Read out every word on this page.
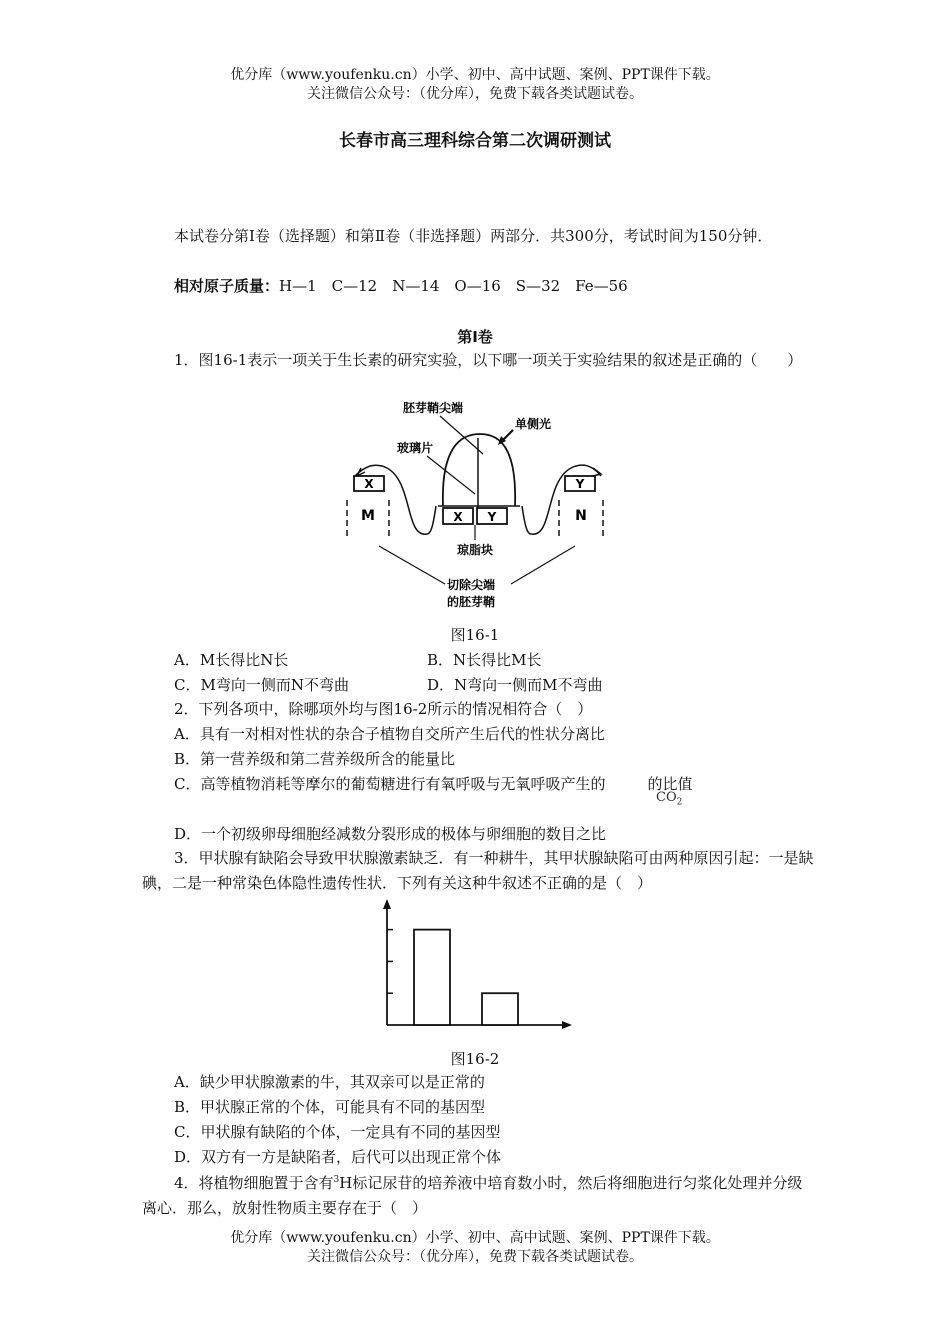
优分库（www.youfenku.cn）小学、初中、高中试题、案例、PPT课件下载。
关注微信公众号：（优分库），免费下载各类试题试卷。
长春市高三理科综合第二次调研测试
本试卷分第Ⅰ卷（选择题）和第Ⅱ卷（非选择题）两部分．共300分，考试时间为150分钟．
相对原子质量：H—1　C—12　N—14　O—16　S—32　Fe—56
第Ⅰ卷
1．图16-1表示一项关于生长素的研究实验，以下哪一项关于实验结果的叙述是正确的（　　）
X Y
X
M
Y
N
胚芽鞘尖端
单侧光
玻璃片
琼脂块
切除尖端
的胚芽鞘
图16-1
A．M长得比N长	B．N长得比M长
C．M弯向一侧而N不弯曲	D．N弯向一侧而M不弯曲
2．下列各项中，除哪项外均与图16-2所示的情况相符合（　）
A．具有一对相对性状的杂合子植物自交所产生后代的性状分离比
B．第一营养级和第二营养级所含的能量比
C．高等植物消耗等摩尔的葡萄糖进行有氧呼吸与无氧呼吸产生的	的比值
$CO_2$
D．一个初级卵母细胞经减数分裂形成的极体与卵细胞的数目之比
3．甲状腺有缺陷会导致甲状腺激素缺乏．有一种耕牛，其甲状腺缺陷可由两种原因引起：一是缺碘，二是一种常染色体隐性遗传性状．下列有关这种牛叙述不正确的是（　）
图16-2
A．缺少甲状腺激素的牛，其双亲可以是正常的
B．甲状腺正常的个体，可能具有不同的基因型
C．甲状腺有缺陷的个体，一定具有不同的基因型
D．双方有一方是缺陷者，后代可以出现正常个体
4．将植物细胞置于含有$^3$H标记尿苷的培养液中培育数小时，然后将细胞进行匀浆化处理并分级离心．那么，放射性物质主要存在于（　）
优分库（www.youfenku.cn）小学、初中、高中试题、案例、PPT课件下载。
关注微信公众号：（优分库），免费下载各类试题试卷。
